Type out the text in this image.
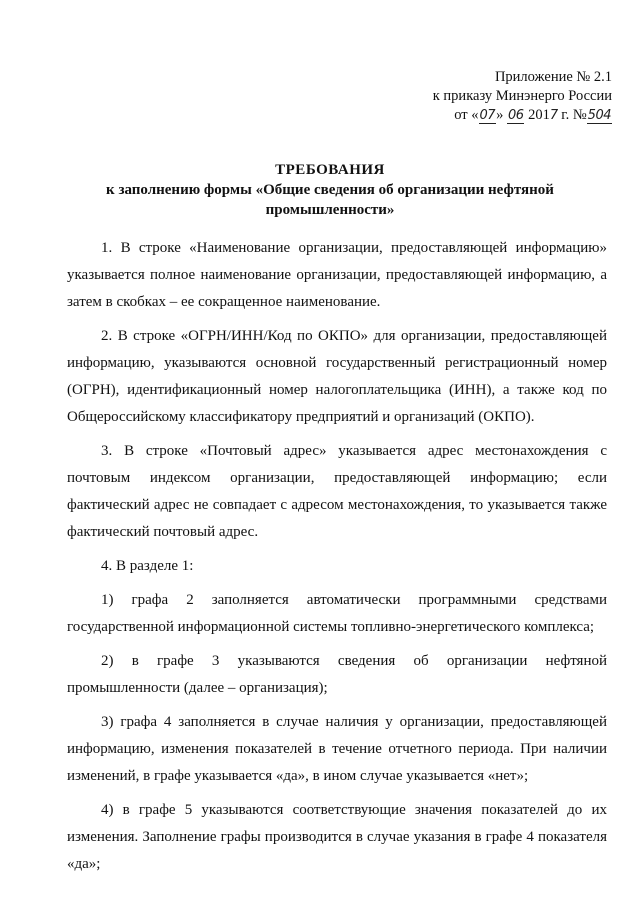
Приложение № 2.1
к приказу Минэнерго России
от «07» 06 2017 г. №504
ТРЕБОВАНИЯ
к заполнению формы «Общие сведения об организации нефтяной промышленности»

1. В строке «Наименование организации, предоставляющей информацию» указывается полное наименование организации, предоставляющей информацию, а затем в скобках – ее сокращенное наименование.

2. В строке «ОГРН/ИНН/Код по ОКПО» для организации, предоставляющей информацию, указываются основной государственный регистрационный номер (ОГРН), идентификационный номер налогоплательщика (ИНН), а также код по Общероссийскому классификатору предприятий и организаций (ОКПО).

3. В строке «Почтовый адрес» указывается адрес местонахождения с почтовым индексом организации, предоставляющей информацию; если фактический адрес не совпадает с адресом местонахождения, то указывается также фактический почтовый адрес.

4. В разделе 1:

1) графа 2 заполняется автоматически программными средствами государственной информационной системы топливно-энергетического комплекса;

2) в графе 3 указываются сведения об организации нефтяной промышленности (далее – организация);

3) графа 4 заполняется в случае наличия у организации, предоставляющей информацию, изменения показателей в течение отчетного периода. При наличии изменений, в графе указывается «да», в ином случае указывается «нет»;

4) в графе 5 указываются соответствующие значения показателей до их изменения. Заполнение графы производится в случае указания в графе 4 показателя «да»;
